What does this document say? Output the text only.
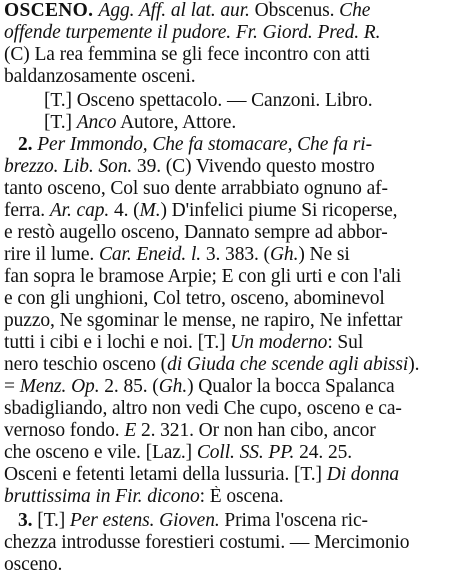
OSCENO. Agg. Aff. al lat. aur. Obscenus. Che
offende turpemente il pudore. Fr. Giord. Pred. R.
(C) La rea femmina se gli fece incontro con atti
baldanzosamente osceni.
[T.] Osceno spettacolo. — Canzoni. Libro.
[T.] Anco Autore, Attore.
2. Per Immondo, Che fa stomacare, Che fa ri-
brezzo. Lib. Son. 39. (C) Vivendo questo mostro
tanto osceno, Col suo dente arrabbiato ognuno af-
ferra. Ar. cap. 4. (M.) D'infelici piume Si ricoperse,
e restò augello osceno, Dannato sempre ad abbor-
rire il lume. Car. Eneid. l. 3. 383. (Gh.) Ne si
fan sopra le bramose Arpie; E con gli urti e con l'ali
e con gli unghioni, Col tetro, osceno, abominevol
puzzo, Ne sgominar le mense, ne rapiro, Ne infettar
tutti i cibi e i lochi e noi. [T.] Un moderno: Sul
nero teschio osceno (di Giuda che scende agli abissi).
= Menz. Op. 2. 85. (Gh.) Qualor la bocca Spalanca
sbadigliando, altro non vedi Che cupo, osceno e ca-
vernoso fondo. E 2. 321. Or non han cibo, ancor
che osceno e vile. [Laz.] Coll. SS. PP. 24. 25.
Osceni e fetenti letami della lussuria. [T.] Di donna
bruttissima in Fir. dicono: È oscena.
3. [T.] Per estens. Gioven. Prima l'oscena ric-
chezza introdusse forestieri costumi. — Mercimonio
osceno.
